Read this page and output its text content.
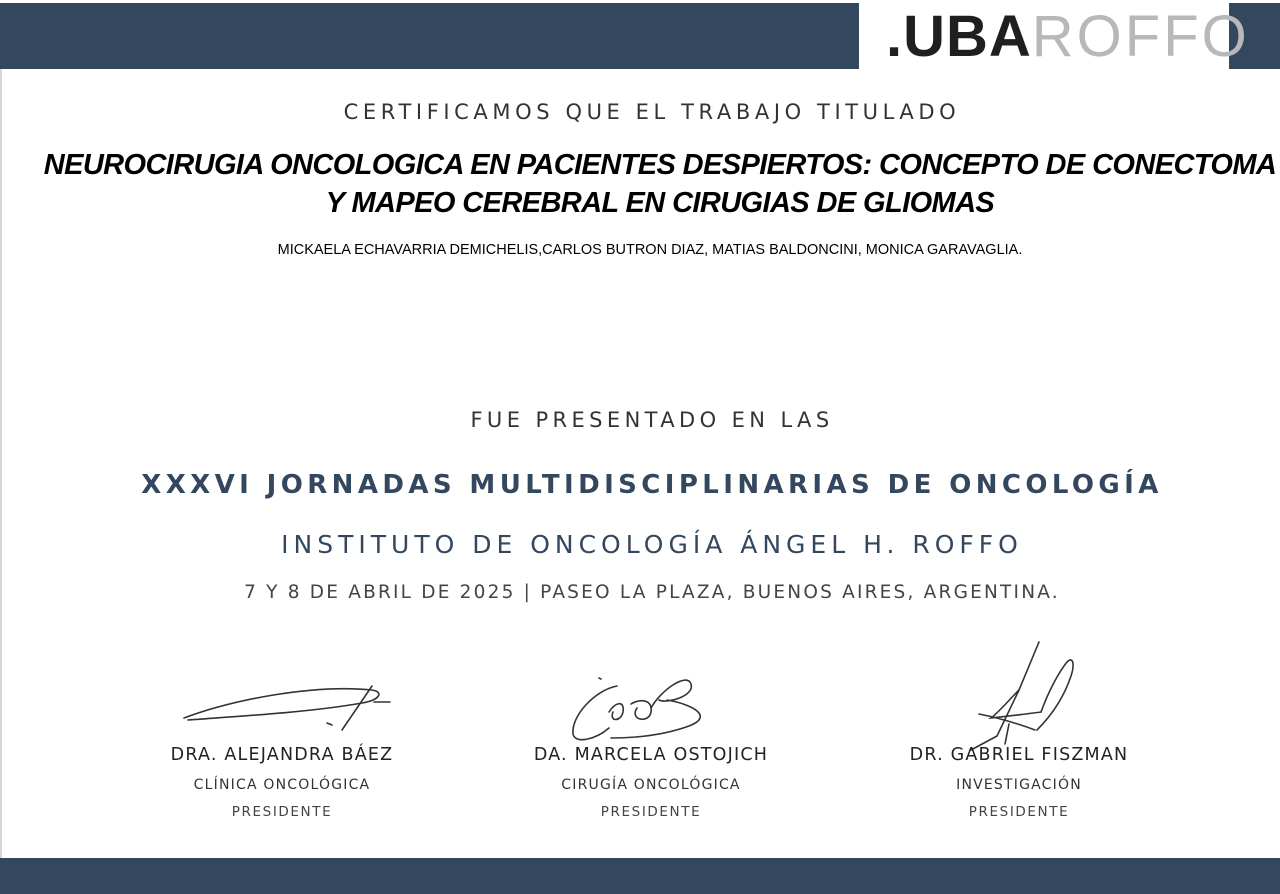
.UBA ROFFO
CERTIFICAMOS QUE EL TRABAJO TITULADO
NEUROCIRUGIA ONCOLOGICA EN PACIENTES DESPIERTOS: CONCEPTO DE CONECTOMA Y MAPEO CEREBRAL EN CIRUGIAS DE GLIOMAS
MICKAELA ECHAVARRIA DEMICHELIS,CARLOS BUTRON DIAZ, MATIAS BALDONCINI, MONICA GARAVAGLIA.
FUE PRESENTADO EN LAS
XXXVI JORNADAS MULTIDISCIPLINARIAS DE ONCOLOGÍA
INSTITUTO DE ONCOLOGÍA ÁNGEL H. ROFFO
7 Y 8 DE ABRIL DE 2025 | PASEO LA PLAZA, BUENOS AIRES, ARGENTINA.
DRA. ALEJANDRA BÁEZ
CLÍNICA ONCOLÓGICA
PRESIDENTE
DA. MARCELA OSTOJICH
CIRUGÍA ONCOLÓGICA
PRESIDENTE
DR. GABRIEL FISZMAN
INVESTIGACIÓN
PRESIDENTE
